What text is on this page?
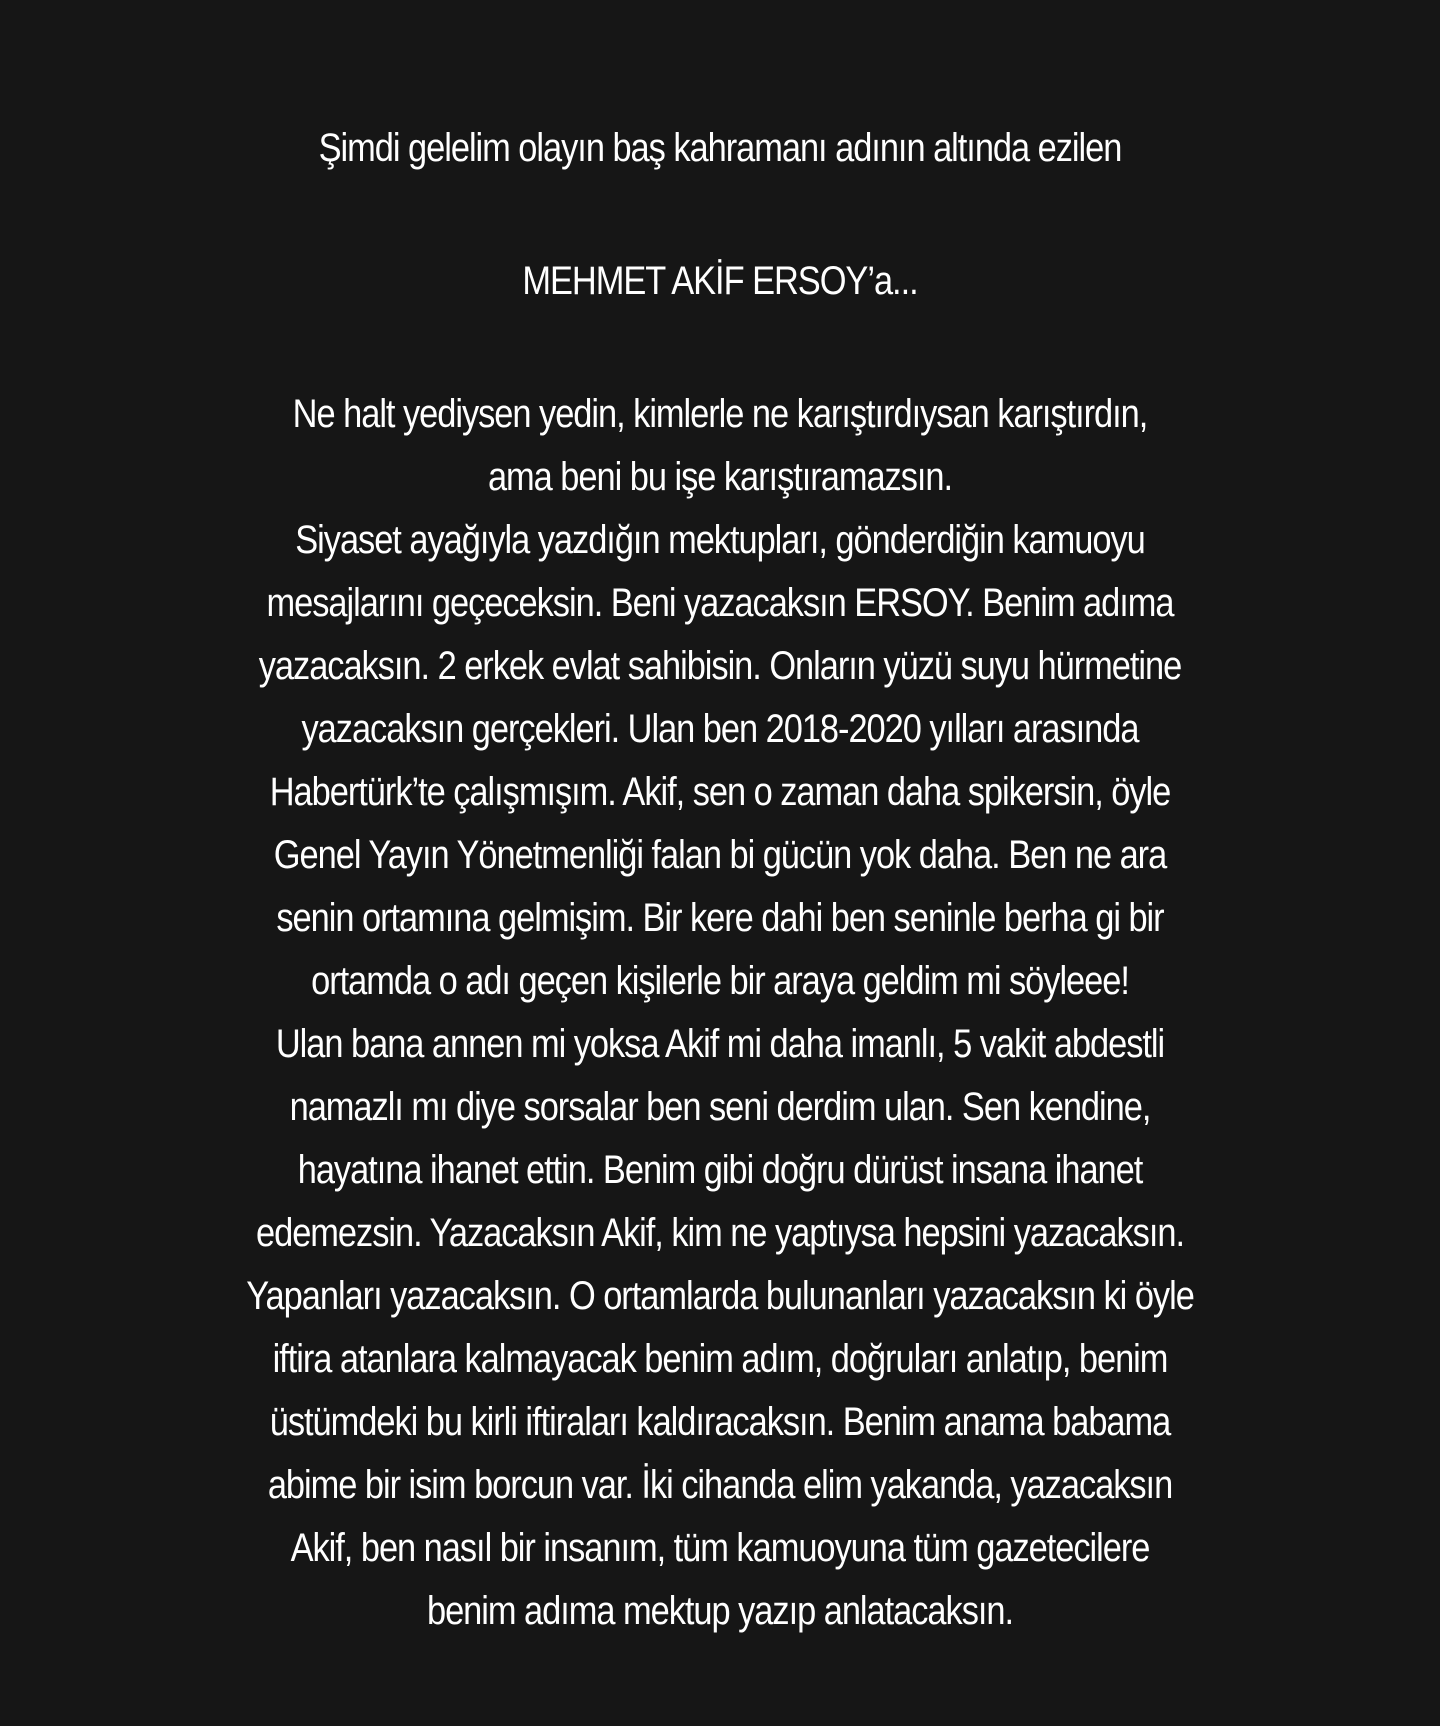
Şimdi gelelim olayın baş kahramanı adının altında ezilen
MEHMET AKİF ERSOY’a...
Ne halt yediysen yedin, kimlerle ne karıştırdıysan karıştırdın,
ama beni bu işe karıştıramazsın.
Siyaset ayağıyla yazdığın mektupları, gönderdiğin kamuoyu
mesajlarını geçeceksin. Beni yazacaksın ERSOY. Benim adıma
yazacaksın. 2 erkek evlat sahibisin. Onların yüzü suyu hürmetine
yazacaksın gerçekleri. Ulan ben 2018-2020 yılları arasında
Habertürk’te çalışmışım. Akif, sen o zaman daha spikersin, öyle
Genel Yayın Yönetmenliği falan bi gücün yok daha. Ben ne ara
senin ortamına gelmişim. Bir kere dahi ben seninle berha gi bir
ortamda o adı geçen kişilerle bir araya geldim mi söyleee!
Ulan bana annen mi yoksa Akif mi daha imanlı, 5 vakit abdestli
namazlı mı diye sorsalar ben seni derdim ulan. Sen kendine,
hayatına ihanet ettin. Benim gibi doğru dürüst insana ihanet
edemezsin. Yazacaksın Akif, kim ne yaptıysa hepsini yazacaksın.
Yapanları yazacaksın. O ortamlarda bulunanları yazacaksın ki öyle
iftira atanlara kalmayacak benim adım, doğruları anlatıp, benim
üstümdeki bu kirli iftiraları kaldıracaksın. Benim anama babama
abime bir isim borcun var. İki cihanda elim yakanda, yazacaksın
Akif, ben nasıl bir insanım, tüm kamuoyuna tüm gazetecilere
benim adıma mektup yazıp anlatacaksın.
